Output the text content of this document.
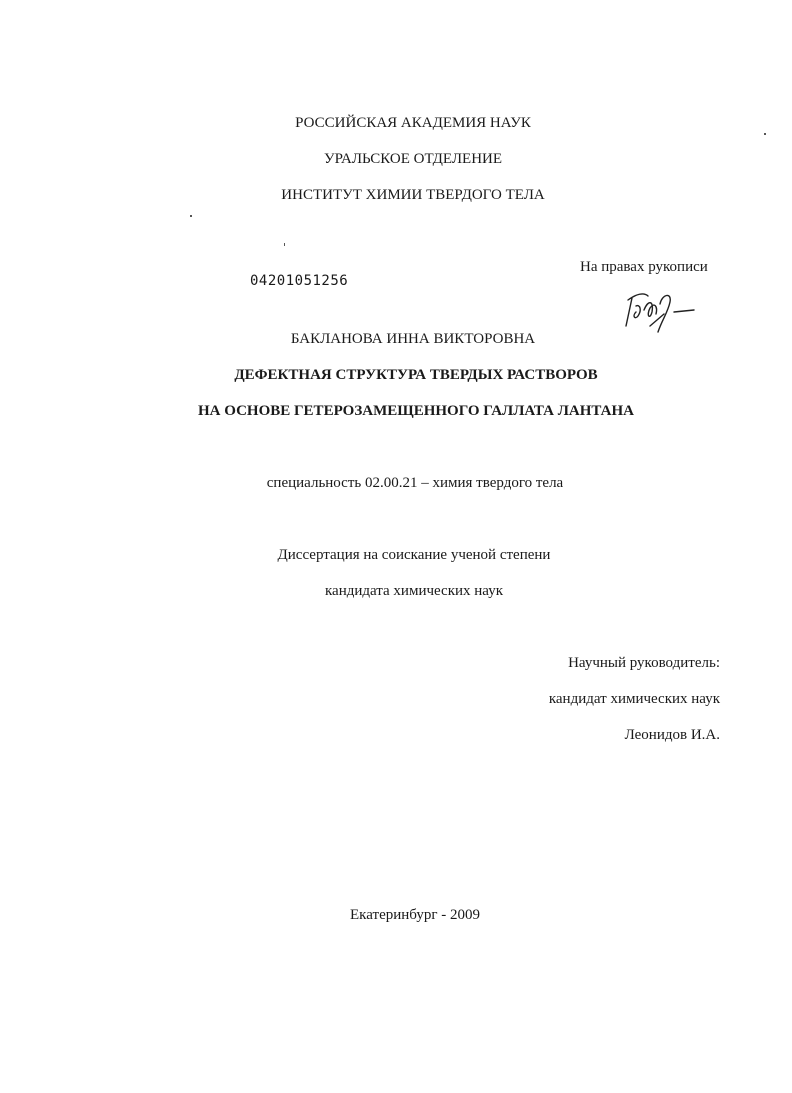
РОССИЙСКАЯ АКАДЕМИЯ НАУК
УРАЛЬСКОЕ ОТДЕЛЕНИЕ
ИНСТИТУТ ХИМИИ ТВЕРДОГО ТЕЛА
04201051256
На правах рукописи
БАКЛАНОВА ИННА ВИКТОРОВНА
ДЕФЕКТНАЯ СТРУКТУРА ТВЕРДЫХ РАСТВОРОВ
НА ОСНОВЕ ГЕТЕРОЗАМЕЩЕННОГО ГАЛЛАТА ЛАНТАНА
специальность 02.00.21 – химия твердого тела
Диссертация на соискание ученой степени
кандидата химических наук
Научный руководитель:
кандидат химических наук
Леонидов И.А.
Екатеринбург - 2009
